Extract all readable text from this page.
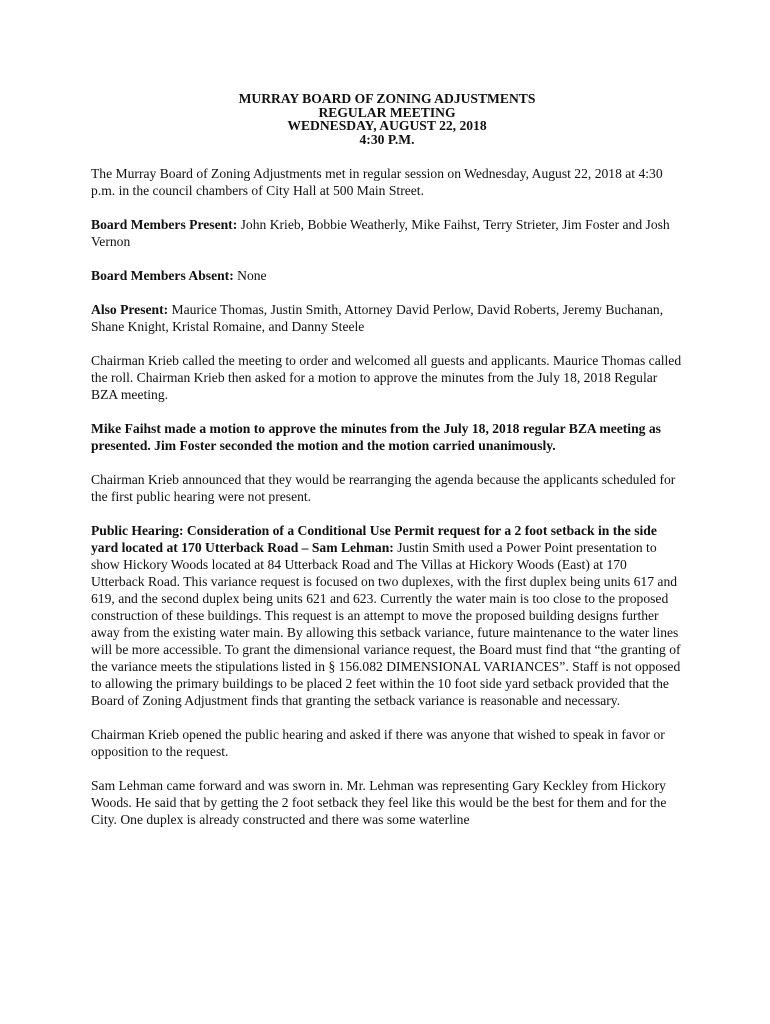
MURRAY BOARD OF ZONING ADJUSTMENTS
REGULAR MEETING
WEDNESDAY, AUGUST 22, 2018
4:30 P.M.

The Murray Board of Zoning Adjustments met in regular session on Wednesday, August 22, 2018 at 4:30 p.m. in the council chambers of City Hall at 500 Main Street.

Board Members Present: John Krieb, Bobbie Weatherly, Mike Faihst, Terry Strieter, Jim Foster and Josh Vernon

Board Members Absent: None

Also Present: Maurice Thomas, Justin Smith, Attorney David Perlow, David Roberts, Jeremy Buchanan, Shane Knight, Kristal Romaine, and Danny Steele

Chairman Krieb called the meeting to order and welcomed all guests and applicants. Maurice Thomas called the roll. Chairman Krieb then asked for a motion to approve the minutes from the July 18, 2018 Regular BZA meeting.

Mike Faihst made a motion to approve the minutes from the July 18, 2018 regular BZA meeting as presented. Jim Foster seconded the motion and the motion carried unanimously.

Chairman Krieb announced that they would be rearranging the agenda because the applicants scheduled for the first public hearing were not present.

Public Hearing: Consideration of a Conditional Use Permit request for a 2 foot setback in the side yard located at 170 Utterback Road – Sam Lehman: Justin Smith used a Power Point presentation to show Hickory Woods located at 84 Utterback Road and The Villas at Hickory Woods (East) at 170 Utterback Road. This variance request is focused on two duplexes, with the first duplex being units 617 and 619, and the second duplex being units 621 and 623. Currently the water main is too close to the proposed construction of these buildings. This request is an attempt to move the proposed building designs further away from the existing water main. By allowing this setback variance, future maintenance to the water lines will be more accessible. To grant the dimensional variance request, the Board must find that “the granting of the variance meets the stipulations listed in § 156.082 DIMENSIONAL VARIANCES”. Staff is not opposed to allowing the primary buildings to be placed 2 feet within the 10 foot side yard setback provided that the Board of Zoning Adjustment finds that granting the setback variance is reasonable and necessary.

Chairman Krieb opened the public hearing and asked if there was anyone that wished to speak in favor or opposition to the request.

Sam Lehman came forward and was sworn in. Mr. Lehman was representing Gary Keckley from Hickory Woods. He said that by getting the 2 foot setback they feel like this would be the best for them and for the City. One duplex is already constructed and there was some waterline
